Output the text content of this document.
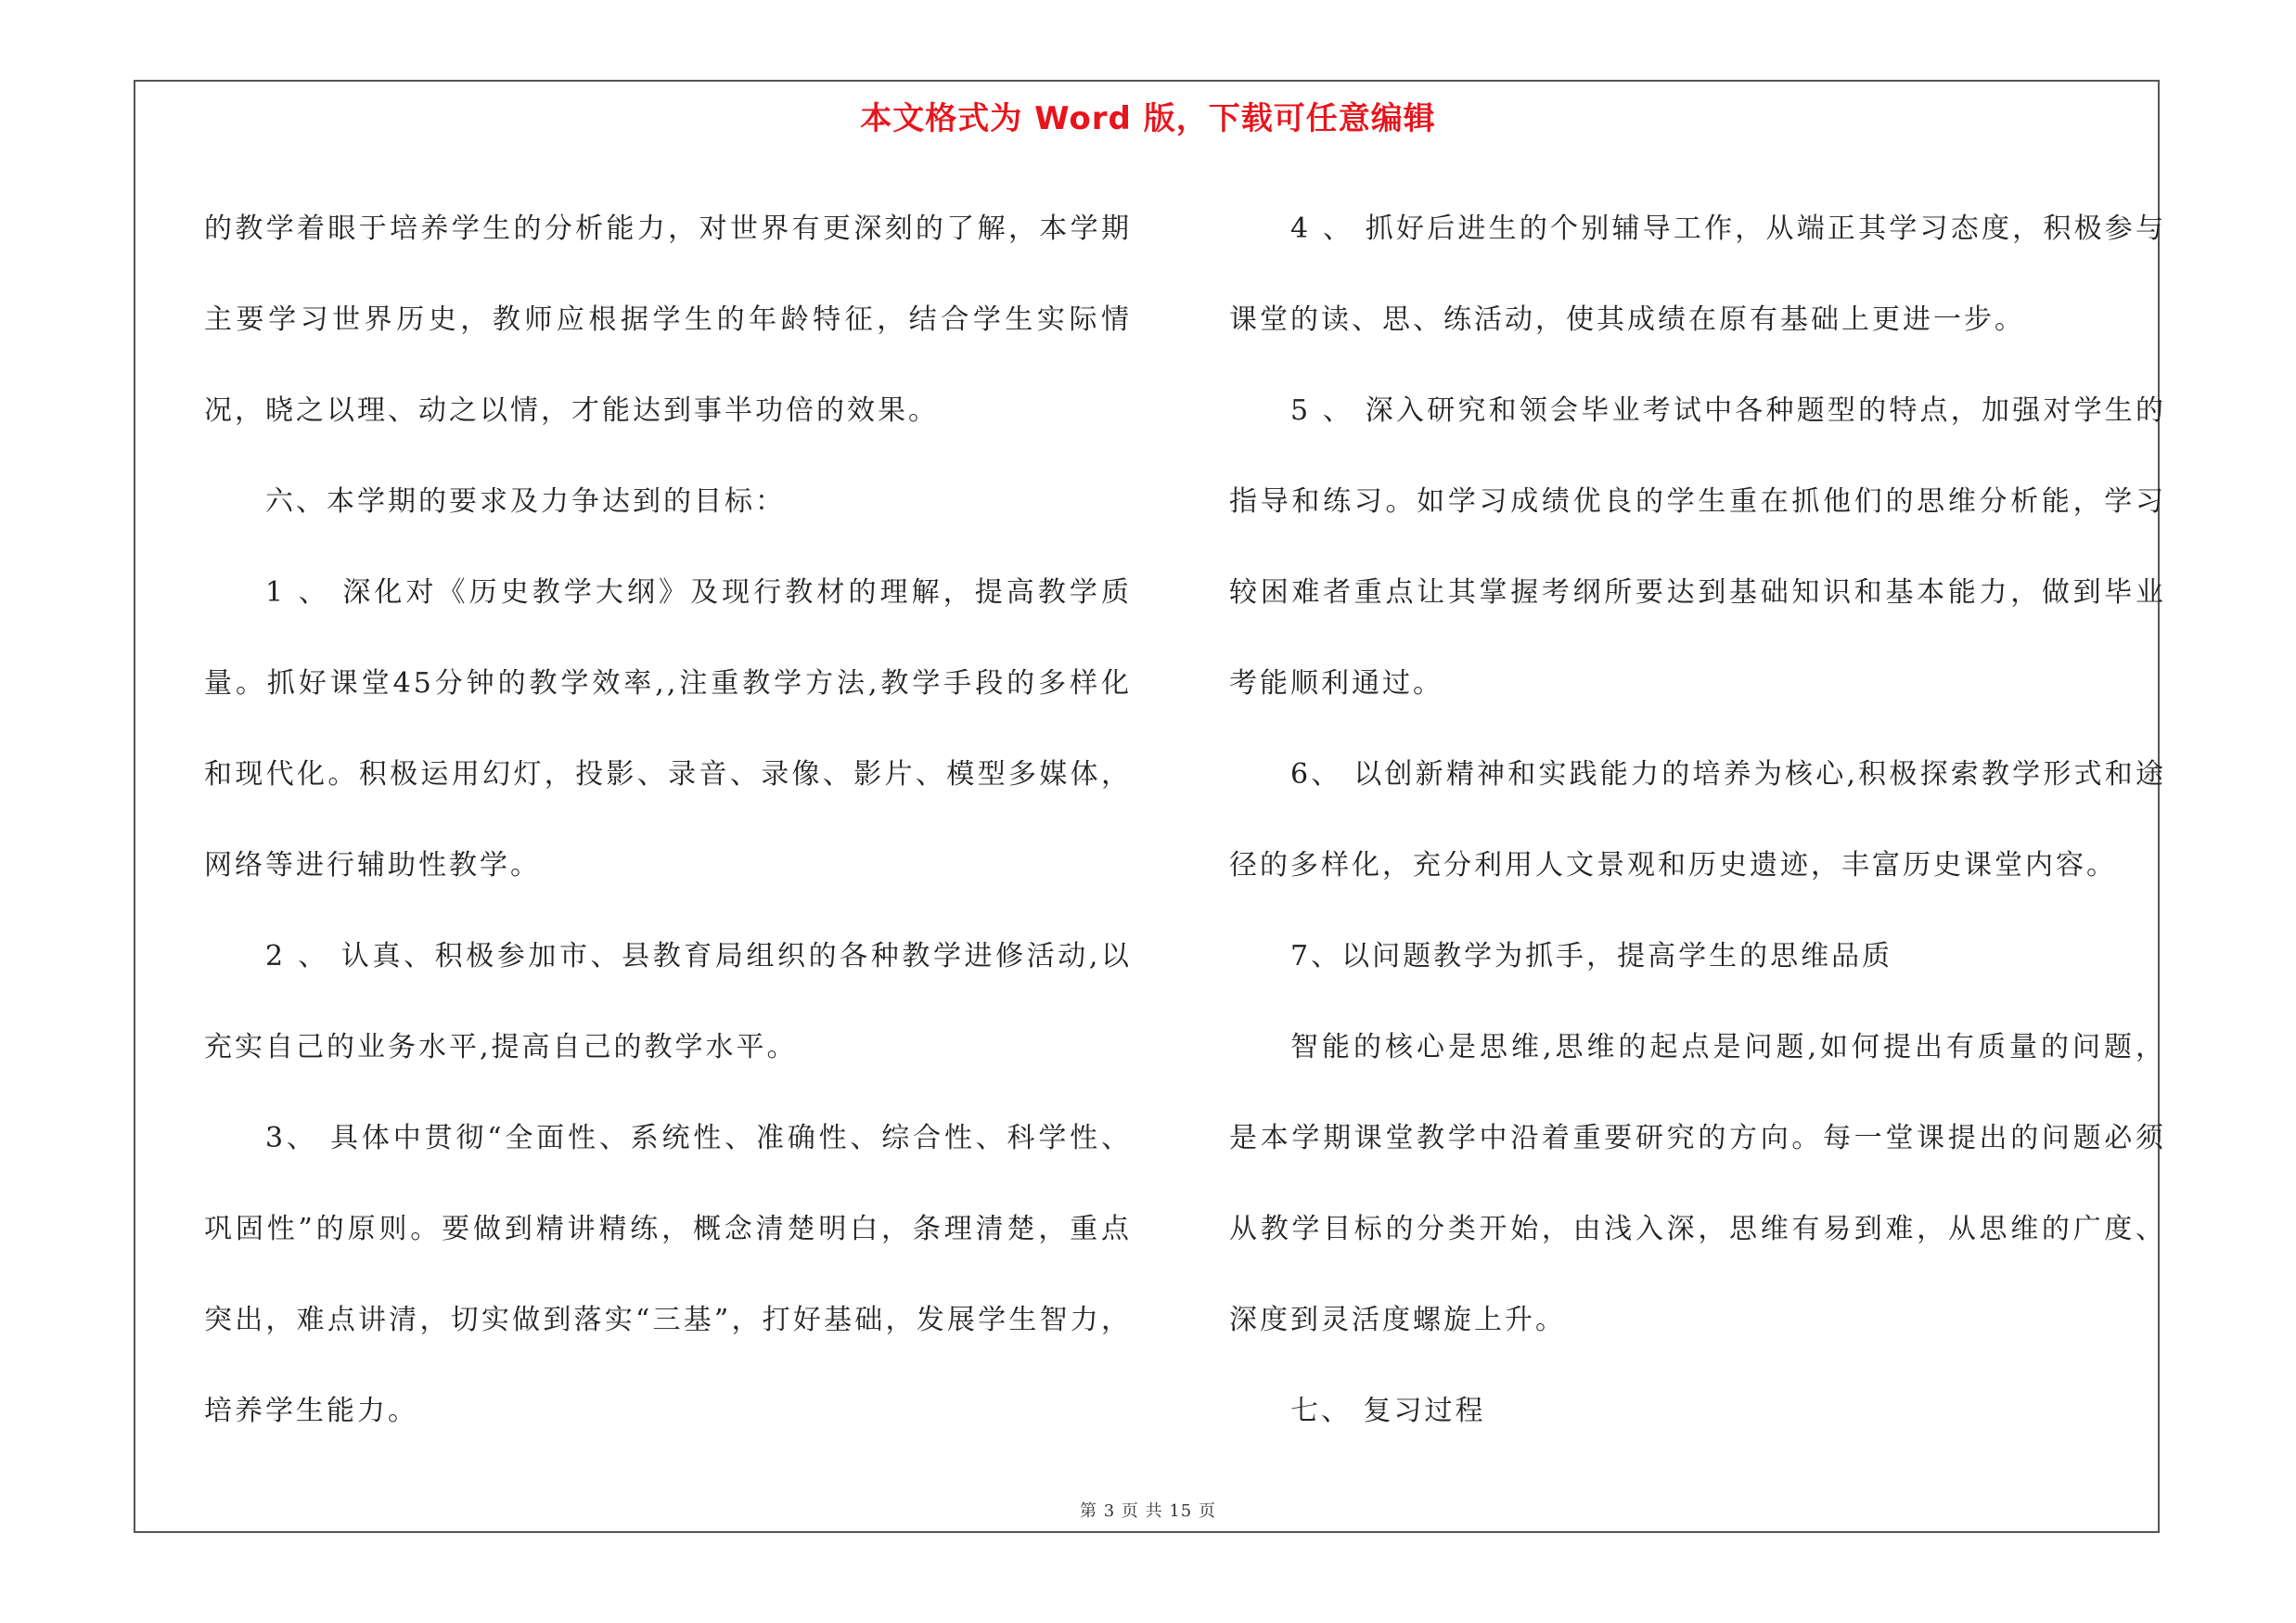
本文格式为 Word 版，下载可任意编辑

的教学着眼于培养学生的分析能力，对世界有更深刻的了解，本学期主要学习世界历史，教师应根据学生的年龄特征，结合学生实际情况，晓之以理、动之以情，才能达到事半功倍的效果。

六、本学期的要求及力争达到的目标：

1 、 深化对《历史教学大纲》及现行教材的理解，提高教学质量。抓好课堂45分钟的教学效率,,注重教学方法,教学手段的多样化和现代化。积极运用幻灯，投影、录音、录像、影片、模型多媒体，网络等进行辅助性教学。

2 、 认真、积极参加市、县教育局组织的各种教学进修活动,以充实自己的业务水平,提高自己的教学水平。

3、 具体中贯彻“全面性、系统性、准确性、综合性、科学性、巩固性”的原则。要做到精讲精练，概念清楚明白，条理清楚，重点突出，难点讲清，切实做到落实“三基”，打好基础，发展学生智力，培养学生能力。

4 、 抓好后进生的个别辅导工作，从端正其学习态度，积极参与课堂的读、思、练活动，使其成绩在原有基础上更进一步。

5 、 深入研究和领会毕业考试中各种题型的特点，加强对学生的指导和练习。如学习成绩优良的学生重在抓他们的思维分析能，学习较困难者重点让其掌握考纲所要达到基础知识和基本能力，做到毕业考能顺利通过。

6、 以创新精神和实践能力的培养为核心,积极探索教学形式和途径的多样化，充分利用人文景观和历史遗迹，丰富历史课堂内容。

7、以问题教学为抓手，提高学生的思维品质

智能的核心是思维,思维的起点是问题,如何提出有质量的问题，是本学期课堂教学中沿着重要研究的方向。每一堂课提出的问题必须从教学目标的分类开始，由浅入深，思维有易到难，从思维的广度、深度到灵活度螺旋上升。

七、 复习过程

第 3 页 共 15 页
